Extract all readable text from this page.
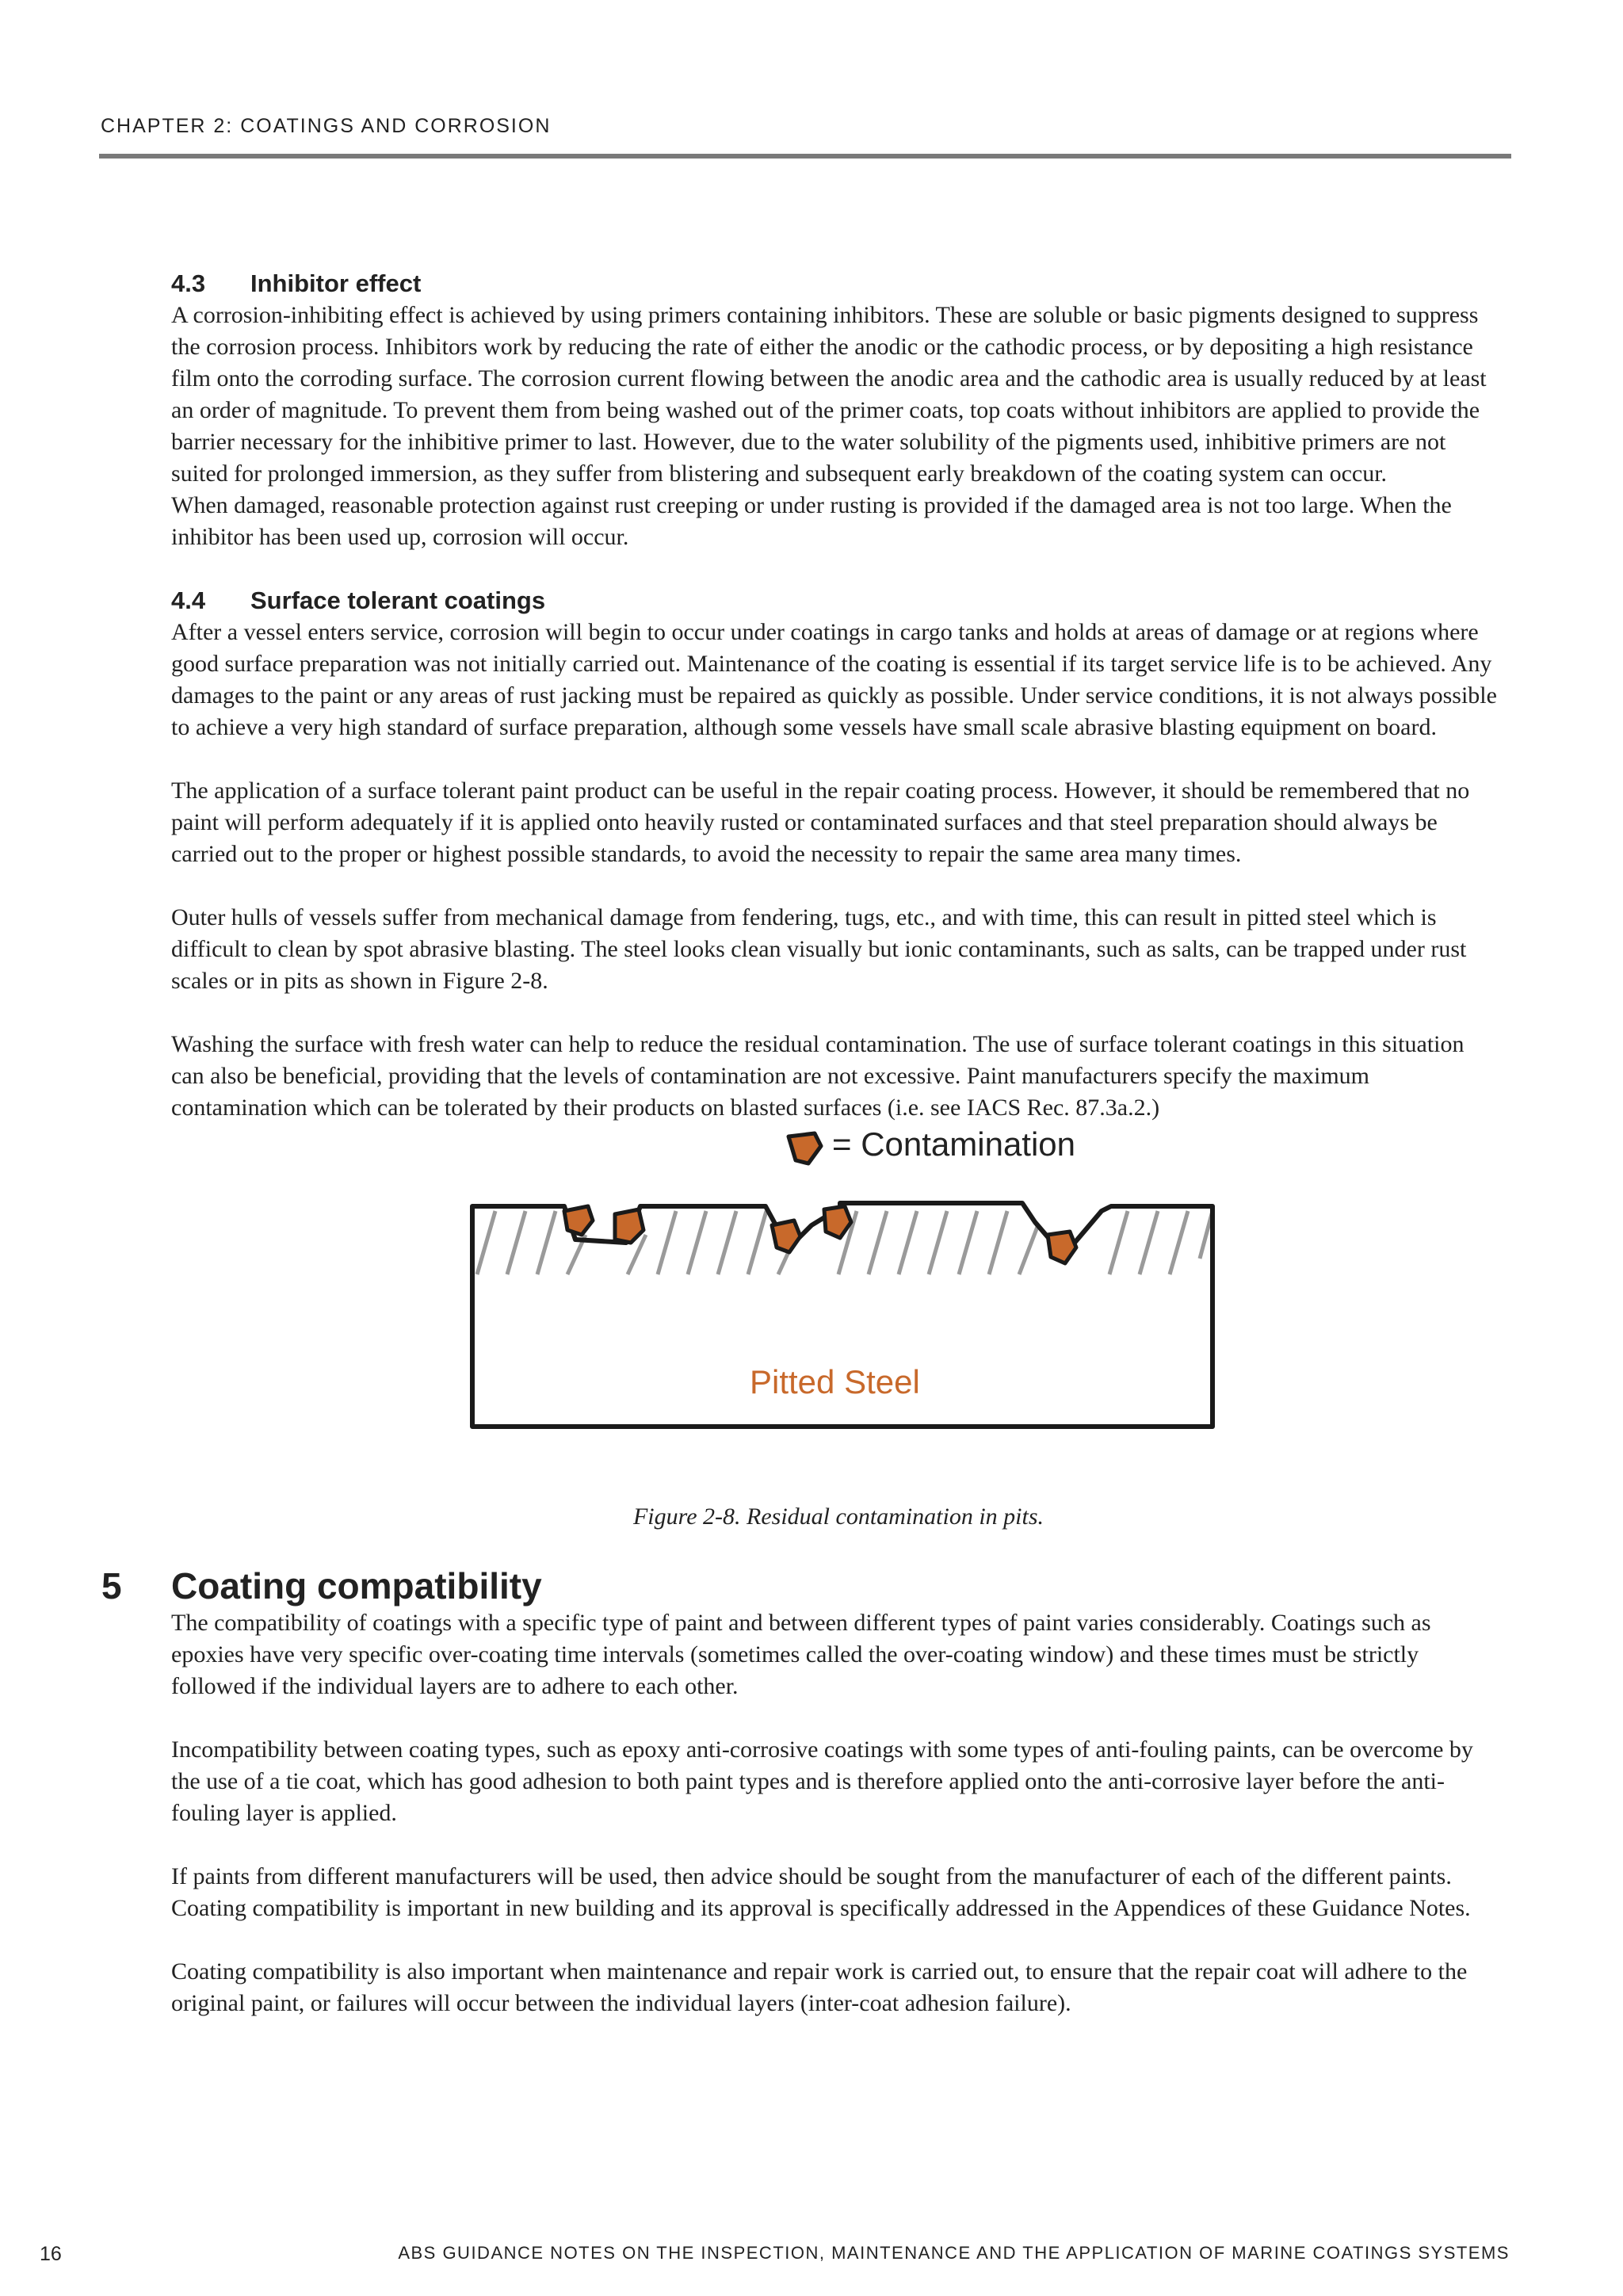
CHAPTER 2: COATINGS AND CORROSION
4.3 Inhibitor effect

A corrosion-inhibiting effect is achieved by using primers containing inhibitors. These are soluble or basic pigments designed to suppress the corrosion process. Inhibitors work by reducing the rate of either the anodic or the cathodic process, or by depositing a high resistance film onto the corroding surface. The corrosion current flowing between the anodic area and the cathodic area is usually reduced by at least an order of magnitude. To prevent them from being washed out of the primer coats, top coats without inhibitors are applied to provide the barrier necessary for the inhibitive primer to last. However, due to the water solubility of the pigments used, inhibitive primers are not suited for prolonged immersion, as they suffer from blistering and subsequent early breakdown of the coating system can occur.

When damaged, reasonable protection against rust creeping or under rusting is provided if the damaged area is not too large. When the inhibitor has been used up, corrosion will occur.

4.4 Surface tolerant coatings

After a vessel enters service, corrosion will begin to occur under coatings in cargo tanks and holds at areas of damage or at regions where good surface preparation was not initially carried out. Maintenance of the coating is essential if its target service life is to be achieved. Any damages to the paint or any areas of rust jacking must be repaired as quickly as possible. Under service conditions, it is not always possible to achieve a very high standard of surface preparation, although some vessels have small scale abrasive blasting equipment on board.

The application of a surface tolerant paint product can be useful in the repair coating process. However, it should be remembered that no paint will perform adequately if it is applied onto heavily rusted or contaminated surfaces and that steel preparation should always be carried out to the proper or highest possible standards, to avoid the necessity to repair the same area many times.

Outer hulls of vessels suffer from mechanical damage from fendering, tugs, etc., and with time, this can result in pitted steel which is difficult to clean by spot abrasive blasting. The steel looks clean visually but ionic contaminants, such as salts, can be trapped under rust scales or in pits as shown in Figure 2-8.

Washing the surface with fresh water can help to reduce the residual contamination. The use of surface tolerant coatings in this situation can also be beneficial, providing that the levels of contamination are not excessive. Paint manufacturers specify the maximum contamination which can be tolerated by their products on blasted surfaces (i.e. see IACS Rec. 87.3a.2.)

= Contamination
Pitted Steel

Figure 2-8. Residual contamination in pits.

5 Coating compatibility

The compatibility of coatings with a specific type of paint and between different types of paint varies considerably. Coatings such as epoxies have very specific over-coating time intervals (sometimes called the over-coating window) and these times must be strictly followed if the individual layers are to adhere to each other.

Incompatibility between coating types, such as epoxy anti-corrosive coatings with some types of anti-fouling paints, can be overcome by the use of a tie coat, which has good adhesion to both paint types and is therefore applied onto the anti-corrosive layer before the anti-fouling layer is applied.

If paints from different manufacturers will be used, then advice should be sought from the manufacturer of each of the different paints. Coating compatibility is important in new building and its approval is specifically addressed in the Appendices of these Guidance Notes.

Coating compatibility is also important when maintenance and repair work is carried out, to ensure that the repair coat will adhere to the original paint, or failures will occur between the individual layers (inter-coat adhesion failure).

16	ABS GUIDANCE NOTES ON THE INSPECTION, MAINTENANCE AND THE APPLICATION OF MARINE COATINGS SYSTEMS
